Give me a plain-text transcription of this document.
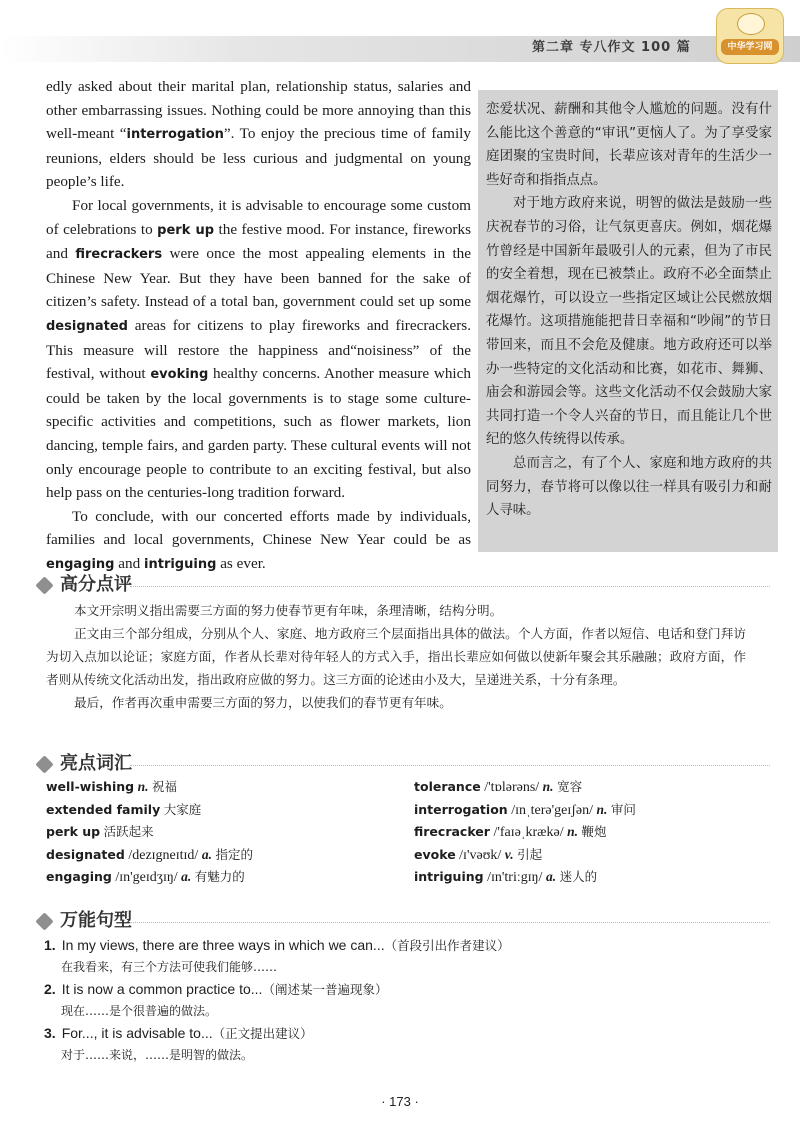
第二章 专八作文 100 篇	中华学习网

edly asked about their marital plan, relationship status, salaries and other embarrassing issues. Nothing could be more annoying than this well-meant “interrogation”. To enjoy the precious time of family reunions, elders should be less curious and judgmental on young people’s life.

For local governments, it is advisable to encourage some custom of celebrations to perk up the festive mood. For instance, fireworks and firecrackers were once the most appealing elements in the Chinese New Year. But they have been banned for the sake of citizen’s safety. Instead of a total ban, government could set up some designated areas for citizens to play fireworks and firecrackers. This measure will restore the happiness and“noisiness” of the festival, without evoking healthy concerns. Another measure which could be taken by the local governments is to stage some culture-specific activities and competitions, such as flower markets, lion dancing, temple fairs, and garden party. These cultural events will not only encourage people to contribute to an exciting festival, but also help pass on the centuries-long tradition forward.

To conclude, with our concerted efforts made by individuals, families and local governments, Chinese New Year could be as engaging and intriguing as ever.

恋爱状况、薪酬和其他令人尴尬的问题。没有什么能比这个善意的“审讯”更恼人了。为了享受家庭团聚的宝贵时间，长辈应该对青年的生活少一些好奇和指指点点。

对于地方政府来说，明智的做法是鼓励一些庆祝春节的习俗，让气氛更喜庆。例如，烟花爆竹曾经是中国新年最吸引人的元素，但为了市民的安全着想，现在已被禁止。政府不必全面禁止烟花爆竹，可以设立一些指定区域让公民燃放烟花爆竹。这项措施能把昔日幸福和“吵闹”的节日带回来，而且不会危及健康。地方政府还可以举办一些特定的文化活动和比赛，如花市、舞狮、庙会和游园会等。这些文化活动不仅会鼓励大家共同打造一个令人兴奋的节日，而且能让几个世纪的悠久传统得以传承。

总而言之，有了个人、家庭和地方政府的共同努力，春节将可以像以往一样具有吸引力和耐人寻味。

高分点评

本文开宗明义指出需要三方面的努力使春节更有年味，条理清晰，结构分明。

正文由三个部分组成，分别从个人、家庭、地方政府三个层面指出具体的做法。个人方面，作者以短信、电话和登门拜访为切入点加以论证；家庭方面，作者从长辈对待年轻人的方式入手，指出长辈应如何做以使新年聚会其乐融融；政府方面，作者则从传统文化活动出发，指出政府应做的努力。这三方面的论述由小及大，呈递进关系，十分有条理。

最后，作者再次重申需要三方面的努力，以使我们的春节更有年味。

亮点词汇
well-wishing n. 祝福
extended family 大家庭
perk up 活跃起来
designated /dezɪgneɪtɪd/ a. 指定的
engaging /ɪn'geɪdʒɪŋ/ a. 有魅力的
tolerance /'tɒlərəns/ n. 宽容
interrogation /ɪnˌterə'geɪʃən/ n. 审问
firecracker /'faɪəˌkrækə/ n. 鞭炮
evoke /ɪ'vəʊk/ v. 引起
intriguing /ɪn'triːgɪŋ/ a. 迷人的
万能句型
1. In my views, there are three ways in which we can...（首段引出作者建议）
在我看来，有三个方法可使我们能够……
2. It is now a common practice to...（阐述某一普遍现象）
现在……是个很普遍的做法。
3. For..., it is advisable to...（正文提出建议）
对于……来说，……是明智的做法。
· 173 ·
